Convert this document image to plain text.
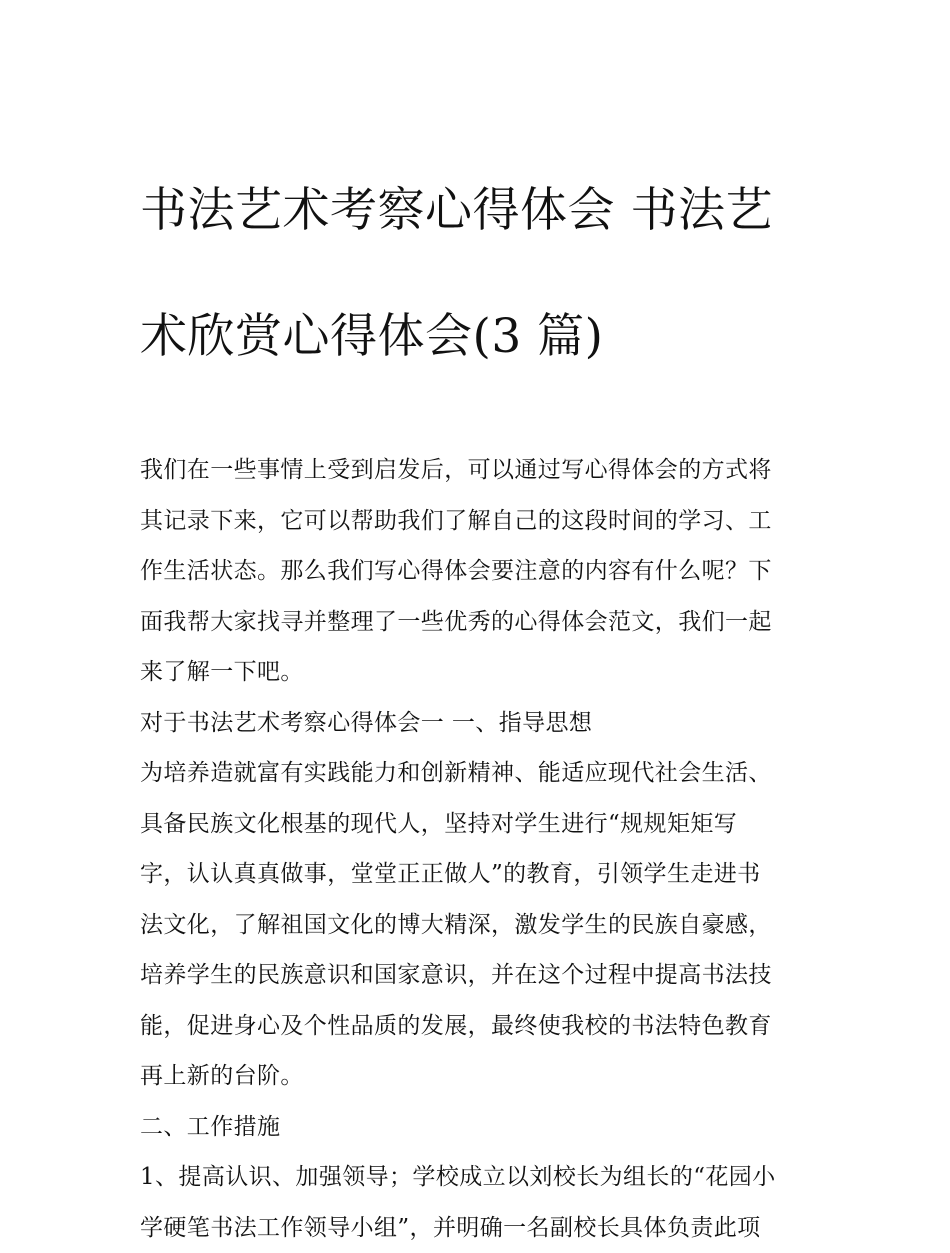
书法艺术考察心得体会 书法艺

术欣赏心得体会(3 篇)

我们在一些事情上受到启发后，可以通过写心得体会的方式将
其记录下来，它可以帮助我们了解自己的这段时间的学习、工
作生活状态。那么我们写心得体会要注意的内容有什么呢？下
面我帮大家找寻并整理了一些优秀的心得体会范文，我们一起
来了解一下吧。

对于书法艺术考察心得体会一 一、指导思想

为培养造就富有实践能力和创新精神、能适应现代社会生活、
具备民族文化根基的现代人，坚持对学生进行“规规矩矩写
字，认认真真做事，堂堂正正做人”的教育，引领学生走进书
法文化，了解祖国文化的博大精深，激发学生的民族自豪感，
培养学生的民族意识和国家意识，并在这个过程中提高书法技
能，促进身心及个性品质的发展，最终使我校的书法特色教育
再上新的台阶。

二、工作措施

1、提高认识、加强领导；学校成立以刘校长为组长的“花园小
学硬笔书法工作领导小组”，并明确一名副校长具体负责此项
